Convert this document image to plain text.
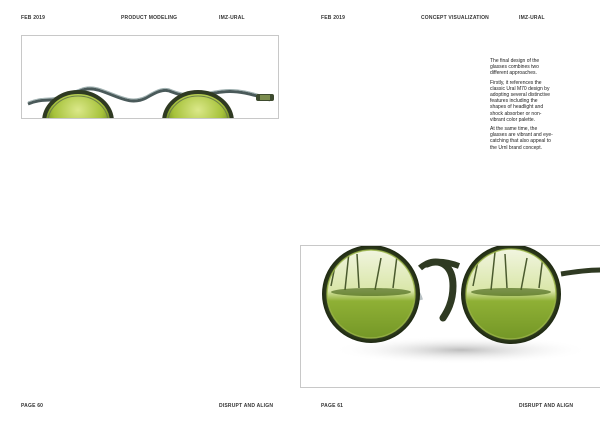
FEB 2019	PRODUCT MODELING	IMZ-URAL
PAGE 60	DISRUPT AND ALIGN
FEB 2019	CONCEPT VISUALIZATION	IMZ-URAL
PAGE 61	DISRUPT AND ALIGN

The final design of the glasses combines two different approaches.

Firstly, it references the classic Ural M70 design by adopting several distinctive features including the shapes of headlight and shock absorber or non-vibrant color palette.

At the same time, the glasses are vibrant and eye-catching that also appeal to the Urnl brand concept.
